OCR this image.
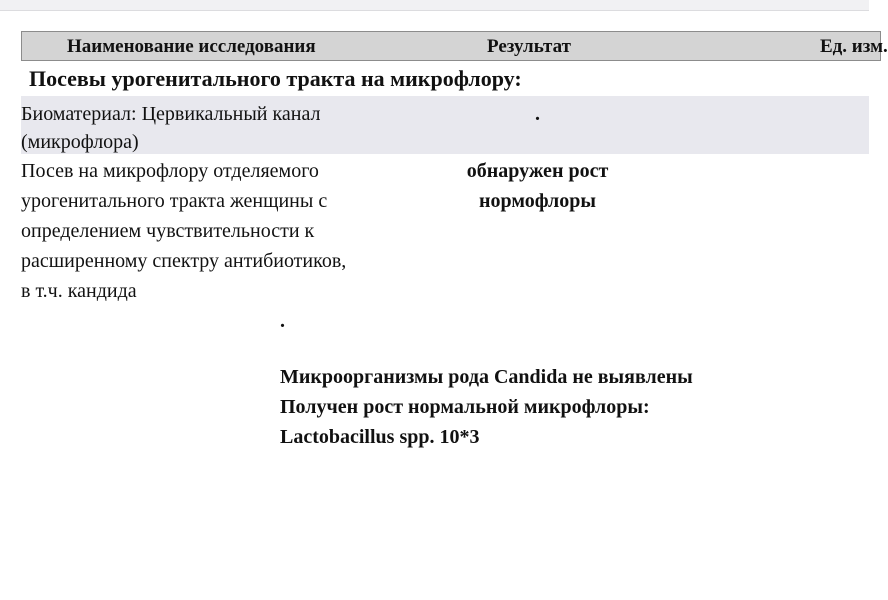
Наименование исследования	Результат	Ед. изм.
Посевы урогенитального тракта на микрофлору:
Биоматериал: Цервикальный канал
(микрофлора)
.
Посев на микрофлору отделяемого
урогенитального тракта женщины с
определением чувствительности к
расширенному спектру антибиотиков,
в т.ч. кандида
обнаружен рост
нормофлоры
.
Микроорганизмы рода Candida не выявлены
Получен рост нормальной микрофлоры:
Lactobacillus spp. 10*3
